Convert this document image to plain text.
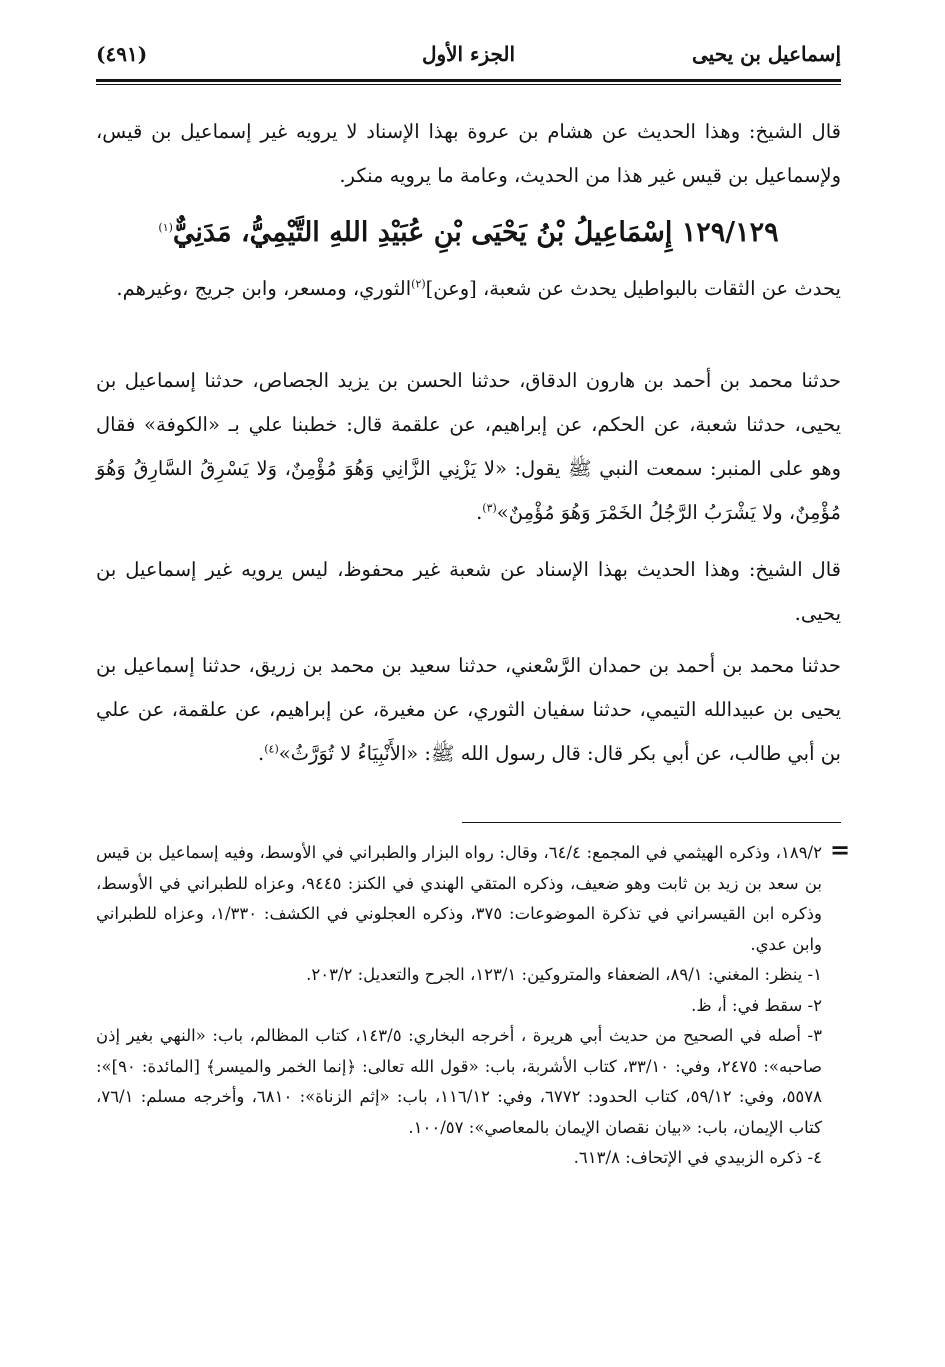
إسماعيل بن يحيى
الجزء الأول
(٤٩١)

قال الشيخ: وهذا الحديث عن هشام بن عروة بهذا الإسناد لا يرويه غير إسماعيل بن قيس، ولإسماعيل بن قيس غير هذا من الحديث، وعامة ما يرويه منكر.

١٢٩/١٢٩ إِسْمَاعِيلُ بْنُ يَحْيَى بْنِ عُبَيْدِ اللهِ التَّيْمِيُّ، مَدَنِيٌّ$^{(١)}$

يحدث عن الثقات بالبواطيل يحدث عن شعبة، [وعن]$^{(٢)}$الثوري، ومسعر، وابن جريج ،وغيرهم.

حدثنا محمد بن أحمد بن هارون الدقاق، حدثنا الحسن بن يزيد الجصاص، حدثنا إسماعيل بن يحيى، حدثنا شعبة، عن الحكم، عن إبراهيم، عن علقمة قال: خطبنا علي بـ «الكوفة» فقال وهو على المنبر: سمعت النبي ﷺ يقول: «لا يَزْنِي الزَّانِي وَهُوَ مُؤْمِنٌ، وَلا يَسْرِقُ السَّارِقُ وَهُوَ مُؤْمِنٌ، ولا يَشْرَبُ الرَّجُلُ الخَمْرَ وَهُوَ مُؤْمِنٌ»$^{(٣)}$.

قال الشيخ: وهذا الحديث بهذا الإسناد عن شعبة غير محفوظ، ليس يرويه غير إسماعيل بن يحيى.

حدثنا محمد بن أحمد بن حمدان الرَّسْعني، حدثنا سعيد بن محمد بن زريق، حدثنا إسماعيل بن يحيى بن عبيدالله التيمي، حدثنا سفيان الثوري، عن مغيرة، عن إبراهيم، عن علقمة، عن علي بن أبي طالب، عن أبي بكر قال: قال رسول الله ﷺ: «الأَنْبِيَاءُ لا تُوَرَّثُ»$^{(٤)}$.

=

١٨٩/٢، وذكره الهيثمي في المجمع: ٦٤/٤، وقال: رواه البزار والطبراني في الأوسط، وفيه إسماعيل بن قيس بن سعد بن زيد بن ثابت وهو ضعيف، وذكره المتقي الهندي في الكنز: ٩٤٤٥، وعزاه للطبراني في الأوسط، وذكره ابن القيسراني في تذكرة الموضوعات: ٣٧٥، وذكره العجلوني في الكشف: ١/٣٣٠، وعزاه للطبراني وابن عدي.

١- ينظر: المغني: ٨٩/١، الضعفاء والمتروكين: ١٢٣/١، الجرح والتعديل: ٢٠٣/٢.

٢- سقط في: أ، ظ.

٣- أصله في الصحيح من حديث أبي هريرة ، أخرجه البخاري: ١٤٣/٥، كتاب المظالم، باب: «النهي بغير إذن صاحبه»: ٢٤٧٥، وفي: ٣٣/١٠، كتاب الأشربة، باب: «قول الله تعالى: ﴿إنما الخمر والميسر﴾ [المائدة: ٩٠]»: ٥٥٧٨، وفي: ٥٩/١٢، كتاب الحدود: ٦٧٧٢، وفي: ١١٦/١٢، باب: «إثم الزناة»: ٦٨١٠، وأخرجه مسلم: ٧٦/١، كتاب الإيمان، باب: «بيان نقصان الإيمان بالمعاصي»: ١٠٠/٥٧.

٤- ذكره الزبيدي في الإتحاف: ٦١٣/٨.
